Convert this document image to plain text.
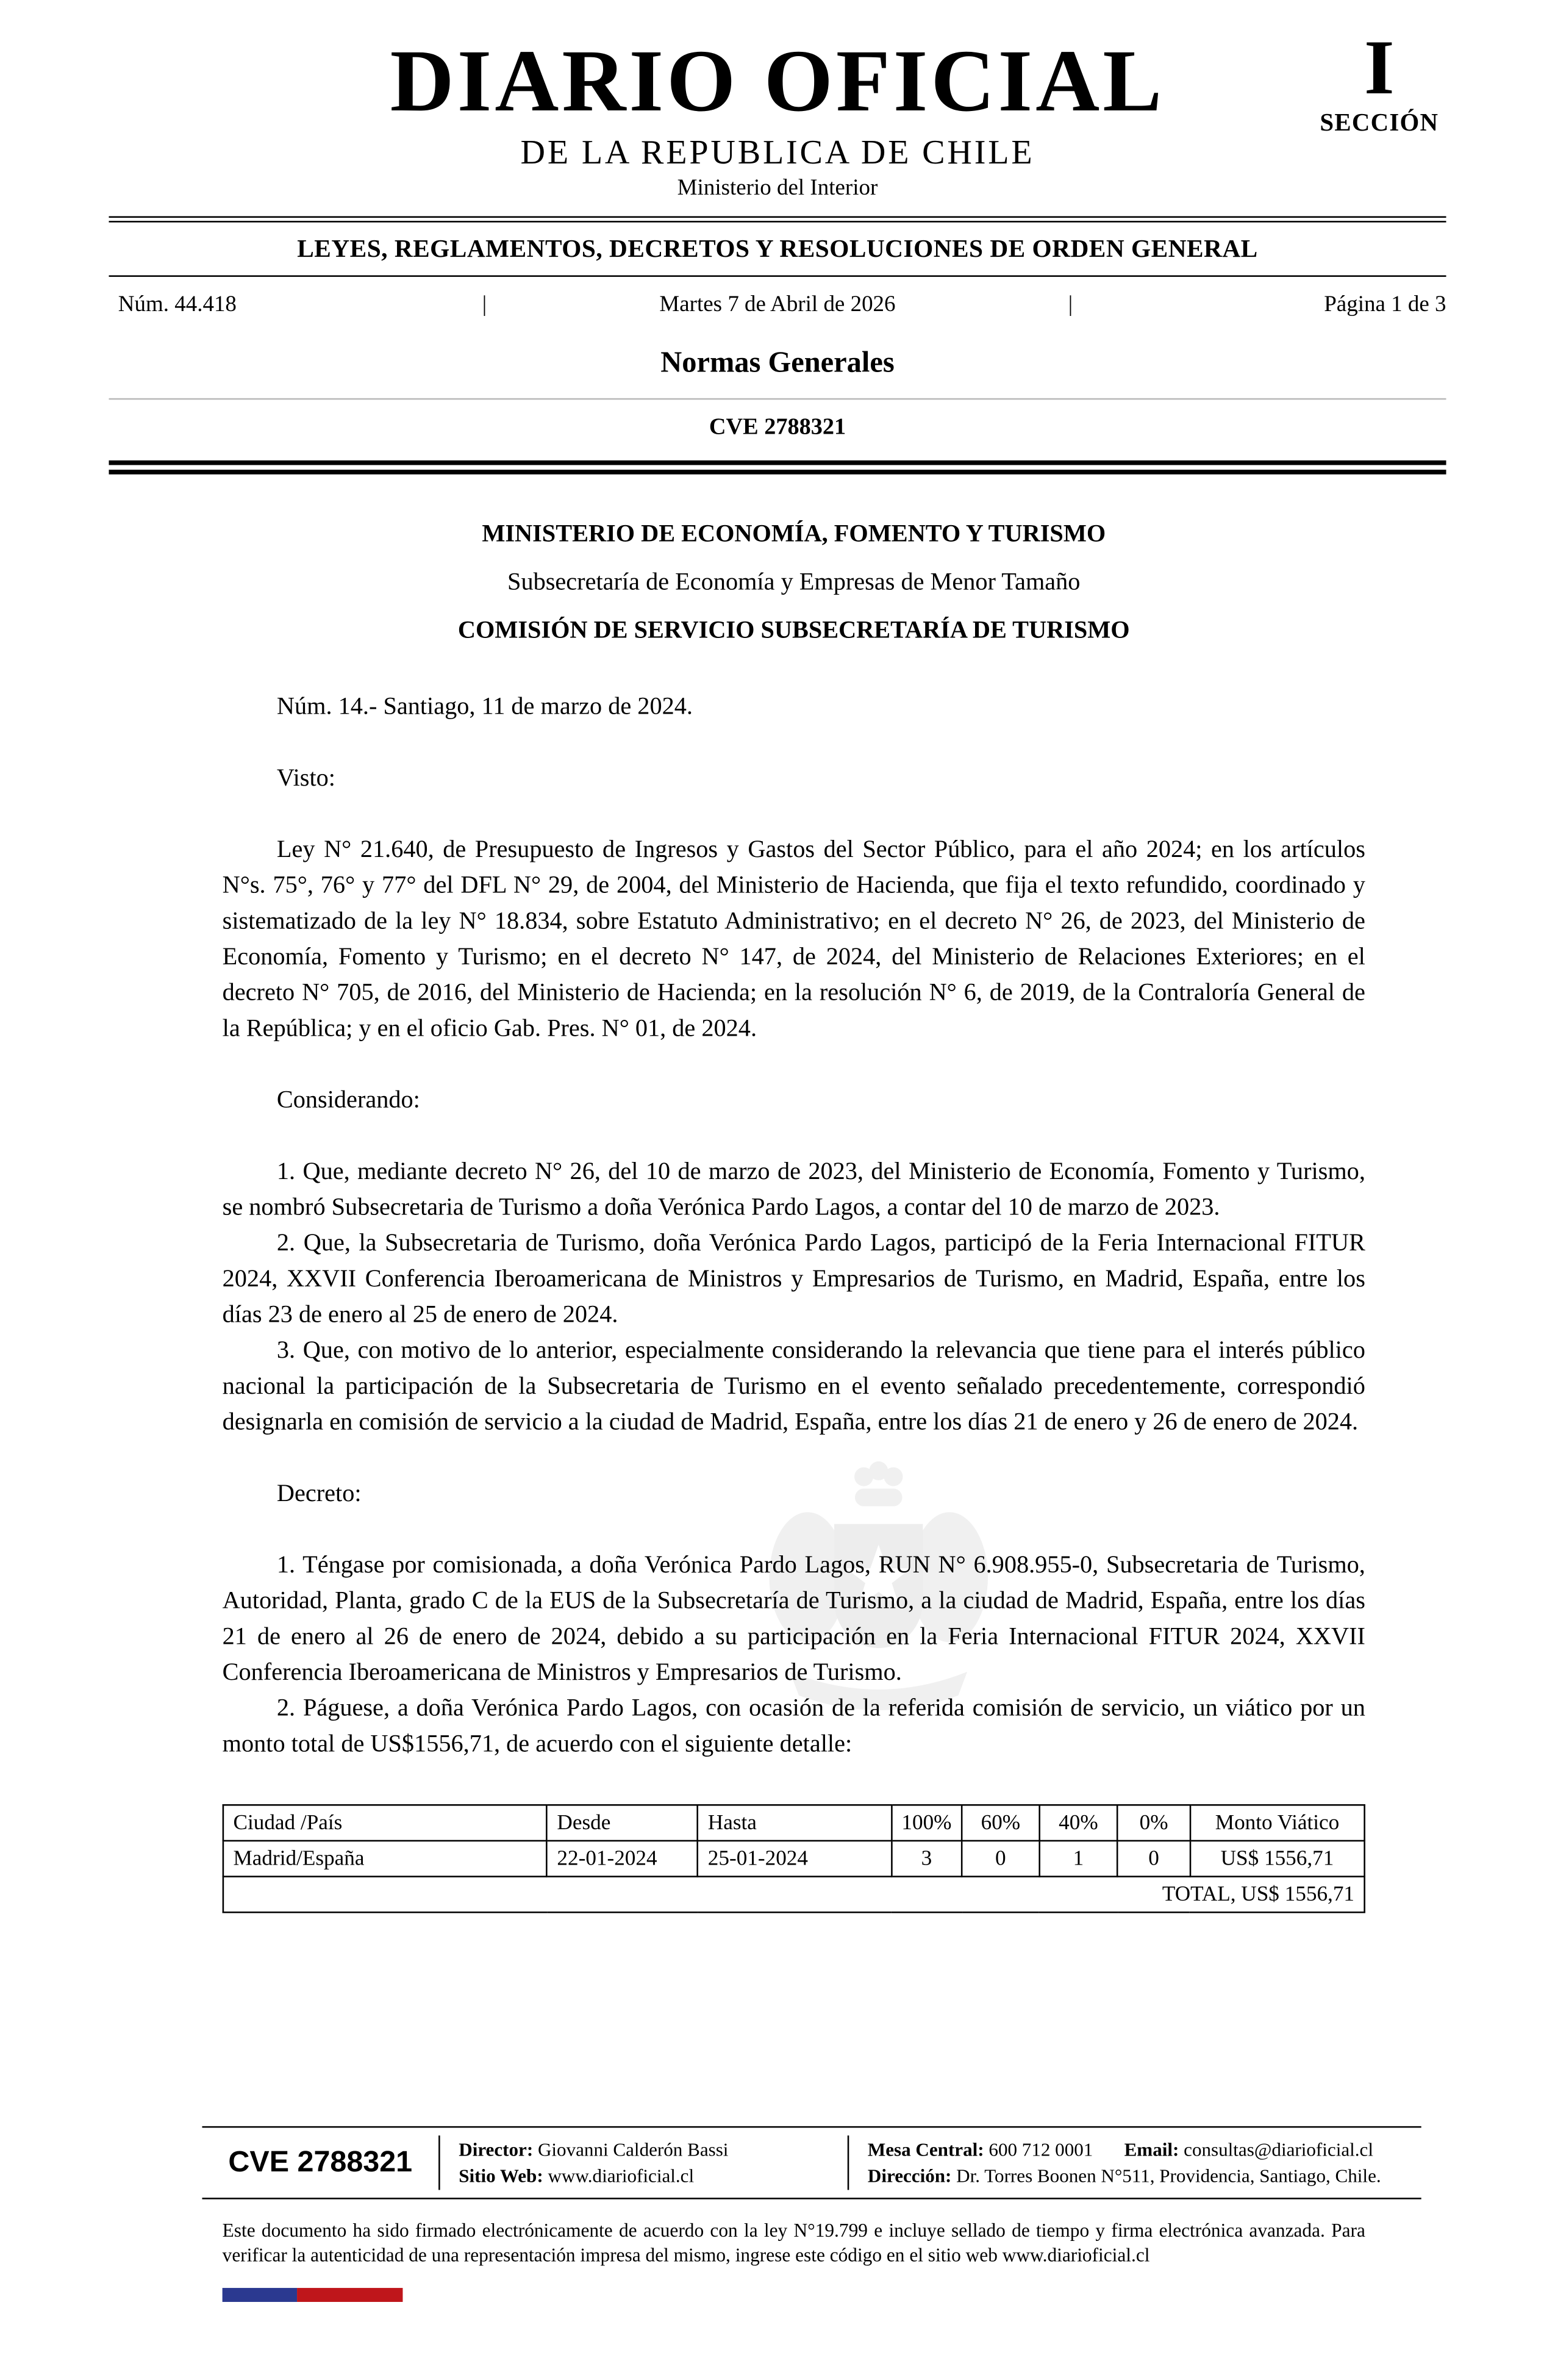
DIARIO OFICIAL
DE LA REPUBLICA DE CHILE
Ministerio del Interior
I
SECCIÓN
LEYES, REGLAMENTOS, DECRETOS Y RESOLUCIONES DE ORDEN GENERAL
Núm. 44.418	|	Martes 7 de Abril de 2026	|	Página 1 de 3
Normas Generales
CVE 2788321
MINISTERIO DE ECONOMÍA, FOMENTO Y TURISMO
Subsecretaría de Economía y Empresas de Menor Tamaño
COMISIÓN DE SERVICIO SUBSECRETARÍA DE TURISMO
Núm. 14.- Santiago, 11 de marzo de 2024.
Visto:

Ley N° 21.640, de Presupuesto de Ingresos y Gastos del Sector Público, para el año 2024; en los artículos N°s. 75°, 76° y 77° del DFL N° 29, de 2004, del Ministerio de Hacienda, que fija el texto refundido, coordinado y sistematizado de la ley N° 18.834, sobre Estatuto Administrativo; en el decreto N° 26, de 2023, del Ministerio de Economía, Fomento y Turismo; en el decreto N° 147, de 2024, del Ministerio de Relaciones Exteriores; en el decreto N° 705, de 2016, del Ministerio de Hacienda; en la resolución N° 6, de 2019, de la Contraloría General de la República; y en el oficio Gab. Pres. N° 01, de 2024.

Considerando:

1. Que, mediante decreto N° 26, del 10 de marzo de 2023, del Ministerio de Economía, Fomento y Turismo, se nombró Subsecretaria de Turismo a doña Verónica Pardo Lagos, a contar del 10 de marzo de 2023.

2. Que, la Subsecretaria de Turismo, doña Verónica Pardo Lagos, participó de la Feria Internacional FITUR 2024, XXVII Conferencia Iberoamericana de Ministros y Empresarios de Turismo, en Madrid, España, entre los días 23 de enero al 25 de enero de 2024.

3. Que, con motivo de lo anterior, especialmente considerando la relevancia que tiene para el interés público nacional la participación de la Subsecretaria de Turismo en el evento señalado precedentemente, correspondió designarla en comisión de servicio a la ciudad de Madrid, España, entre los días 21 de enero y 26 de enero de 2024.

Decreto:

1. Téngase por comisionada, a doña Verónica Pardo Lagos, RUN N° 6.908.955-0, Subsecretaria de Turismo, Autoridad, Planta, grado C de la EUS de la Subsecretaría de Turismo, a la ciudad de Madrid, España, entre los días 21 de enero al 26 de enero de 2024, debido a su participación en la Feria Internacional FITUR 2024, XXVII Conferencia Iberoamericana de Ministros y Empresarios de Turismo.

2. Páguese, a doña Verónica Pardo Lagos, con ocasión de la referida comisión de servicio, un viático por un monto total de US$1556,71, de acuerdo con el siguiente detalle:

Ciudad /País	Desde	Hasta	100%	60%	40%	0%	Monto Viático
Madrid/España	22-01-2024	25-01-2024	3	0	1	0	US$ 1556,71
TOTAL, US$ 1556,71							
CVE 2788321	Director: Giovanni Calderón Bassi
Sitio Web: www.diarioficial.cl
Mesa Central: 600 712 0001	Email: consultas@diarioficial.cl
Dirección: Dr. Torres Boonen N°511, Providencia, Santiago, Chile.
Este documento ha sido firmado electrónicamente de acuerdo con la ley N°19.799 e incluye sellado de tiempo y firma electrónica avanzada. Para verificar la autenticidad de una representación impresa del mismo, ingrese este código en el sitio web www.diarioficial.cl
